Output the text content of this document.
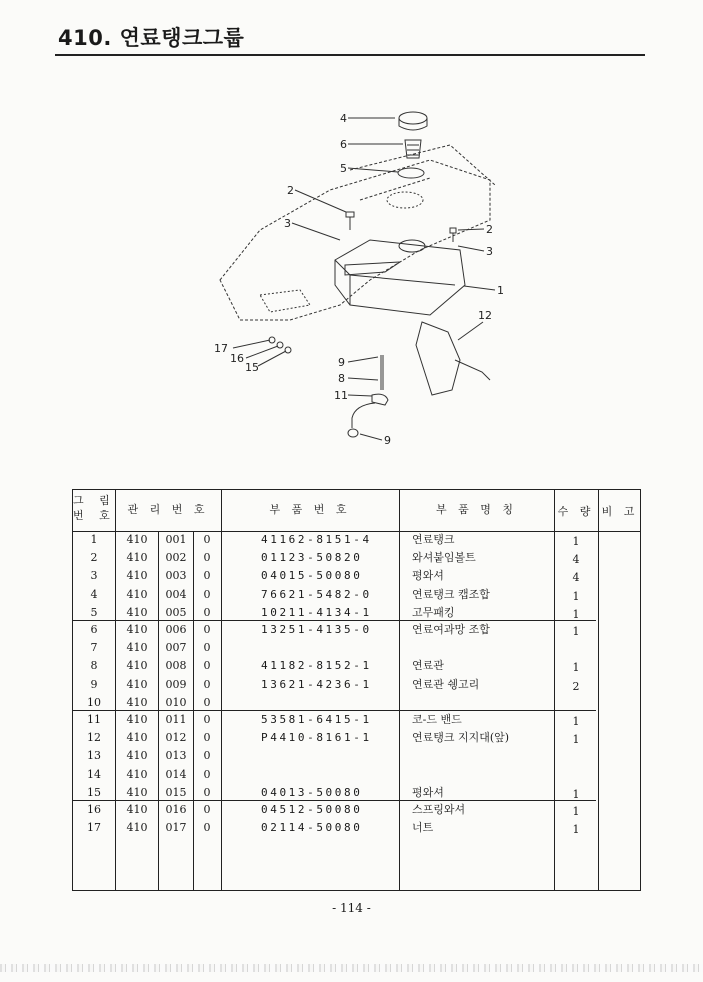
410. 연료탱크그룹
4
6
5
2
3	2
3
1
12
17
16
15	9
8
11
9
그 림
번 호	관 리 번 호	부 품 번 호	부 품 명 칭	수 량 비 고
1	410	001	0	41162-8151-4	연료탱크	1
2	410	002	0	01123-50820	와셔붙임볼트	4
3	410	003	0	04015-50080	평와셔	4
4	410	004	0	76621-5482-0	연료탱크 캡조합	1
5	410	005	0	10211-4134-1	고무패킹	1
6	410	006	0	13251-4135-0	연료여과망 조합	1
7	410	007	0
8	410	008	0	41182-8152-1	연료관	1
9	410	009	0	13621-4236-1	연료관 쉥고리	2
10	410	010	0
11	410	011	0	53581-6415-1	코-드 밴드	1
12	410	012	0	P4410-8161-1	연료탱크 지지대(앞)	1
13	410	013	0
14	410	014	0
15	410	015	0	04013-50080	평와셔	1
16	410	016	0	04512-50080	스프링와셔	1
17	410	017	0	02114-50080	너트	1
- 114 -
